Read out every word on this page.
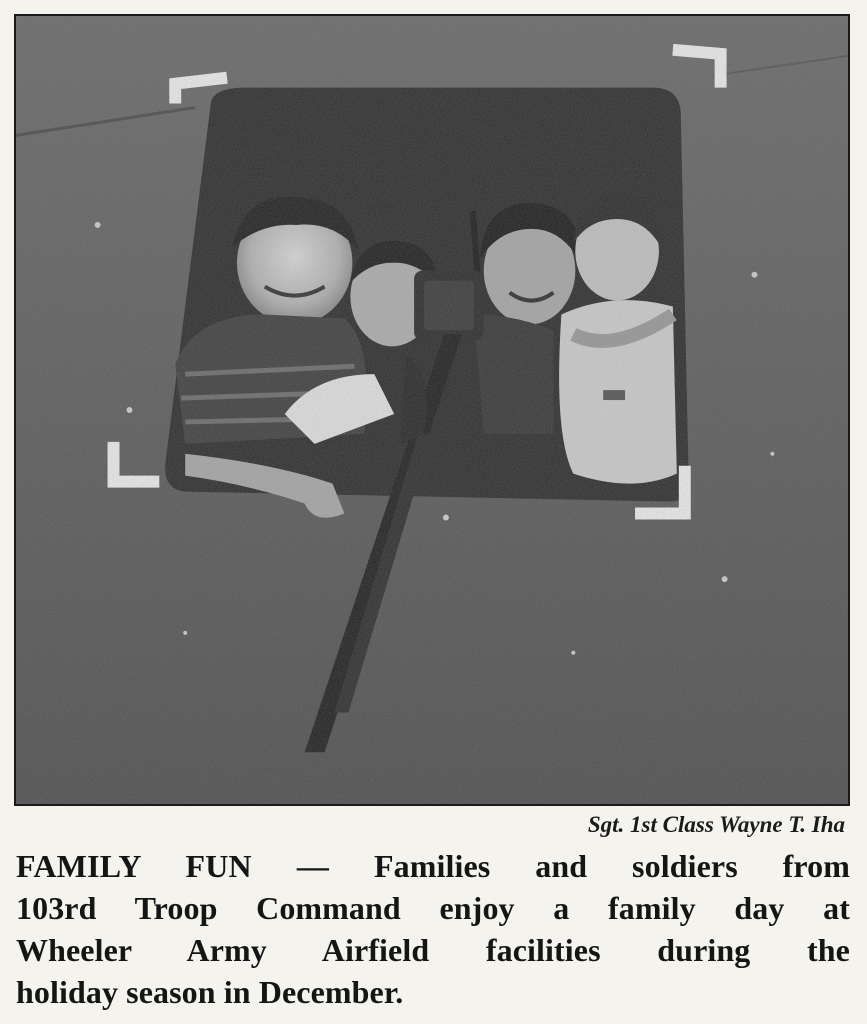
Sgt. 1st Class Wayne T. Iha
FAMILY FUN — Families and soldiers from
103rd Troop Command enjoy a family day at
Wheeler Army Airfield facilities during the
holiday season in December.
